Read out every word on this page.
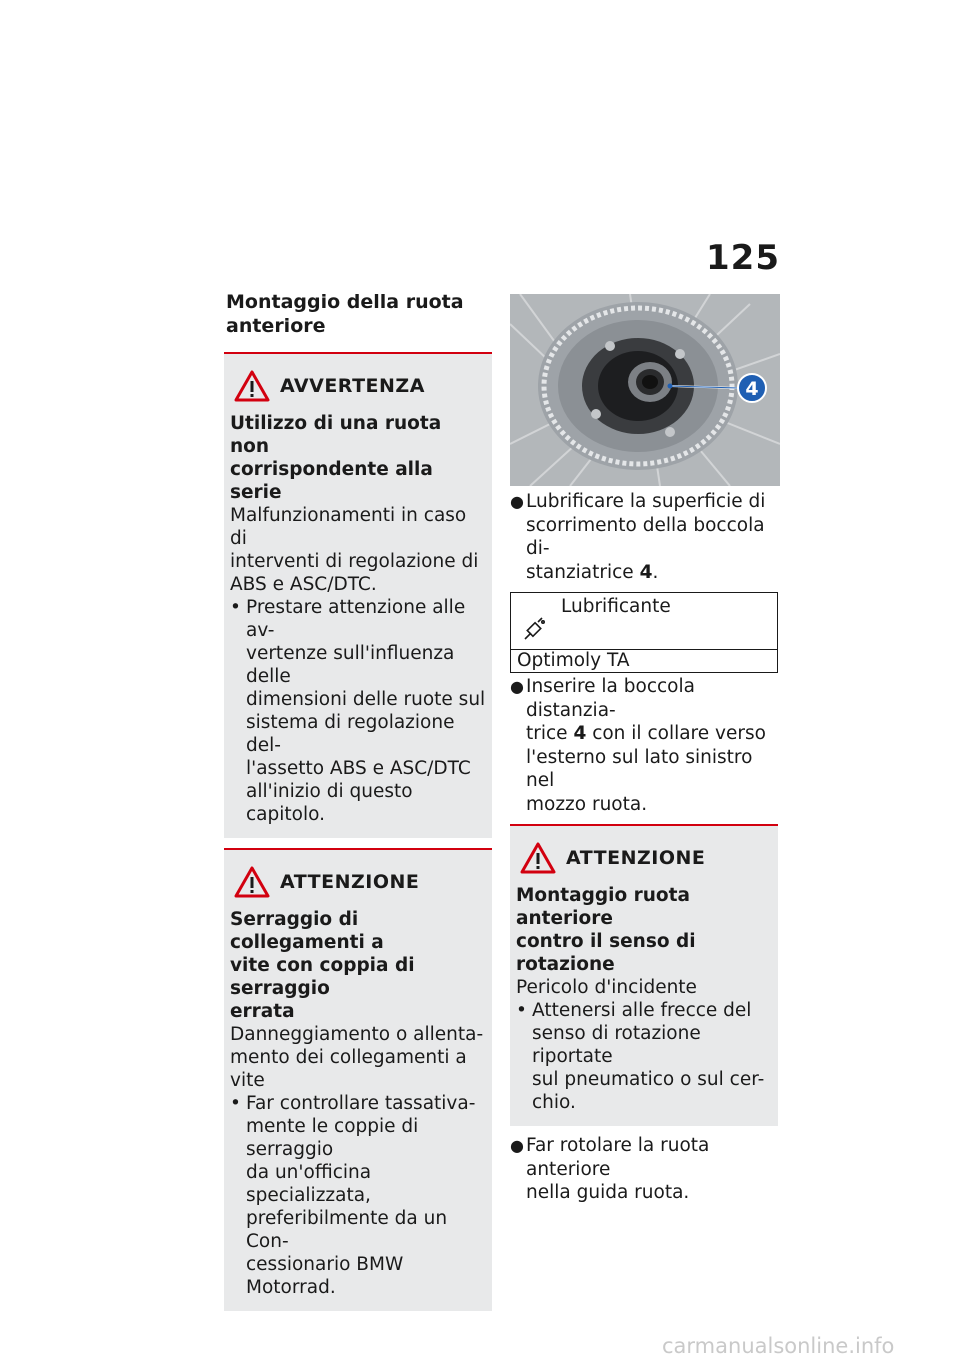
125
Montaggio della ruota
anteriore
AVVERTENZA
Utilizzo di una ruota non
corrispondente alla serie
Malfunzionamenti in caso di
interventi di regolazione di
ABS e ASC/DTC.
• Prestare attenzione alle av-
vertenze sull'influenza delle
dimensioni delle ruote sul
sistema di regolazione del-
l'assetto ABS e ASC/DTC
all'inizio di questo capitolo.
ATTENZIONE
Serraggio di collegamenti a
vite con coppia di serraggio
errata
Danneggiamento o allenta-
mento dei collegamenti a vite
• Far controllare tassativa-
mente le coppie di serraggio
da un'officina specializzata,
preferibilmente da un Con-
cessionario BMW Motorrad.
4
● Lubrificare la superficie di
scorrimento della boccola di-
stanziatrice 4.
Lubrificante
Optimoly TA
● Inserire la boccola distanzia-
trice 4 con il collare verso
l'esterno sul lato sinistro nel
mozzo ruota.
ATTENZIONE
Montaggio ruota anteriore
contro il senso di rotazione
Pericolo d'incidente
• Attenersi alle frecce del
senso di rotazione riportate
sul pneumatico o sul cer-
chio.
● Far rotolare la ruota anteriore
nella guida ruota.
carmanualsonline.info
